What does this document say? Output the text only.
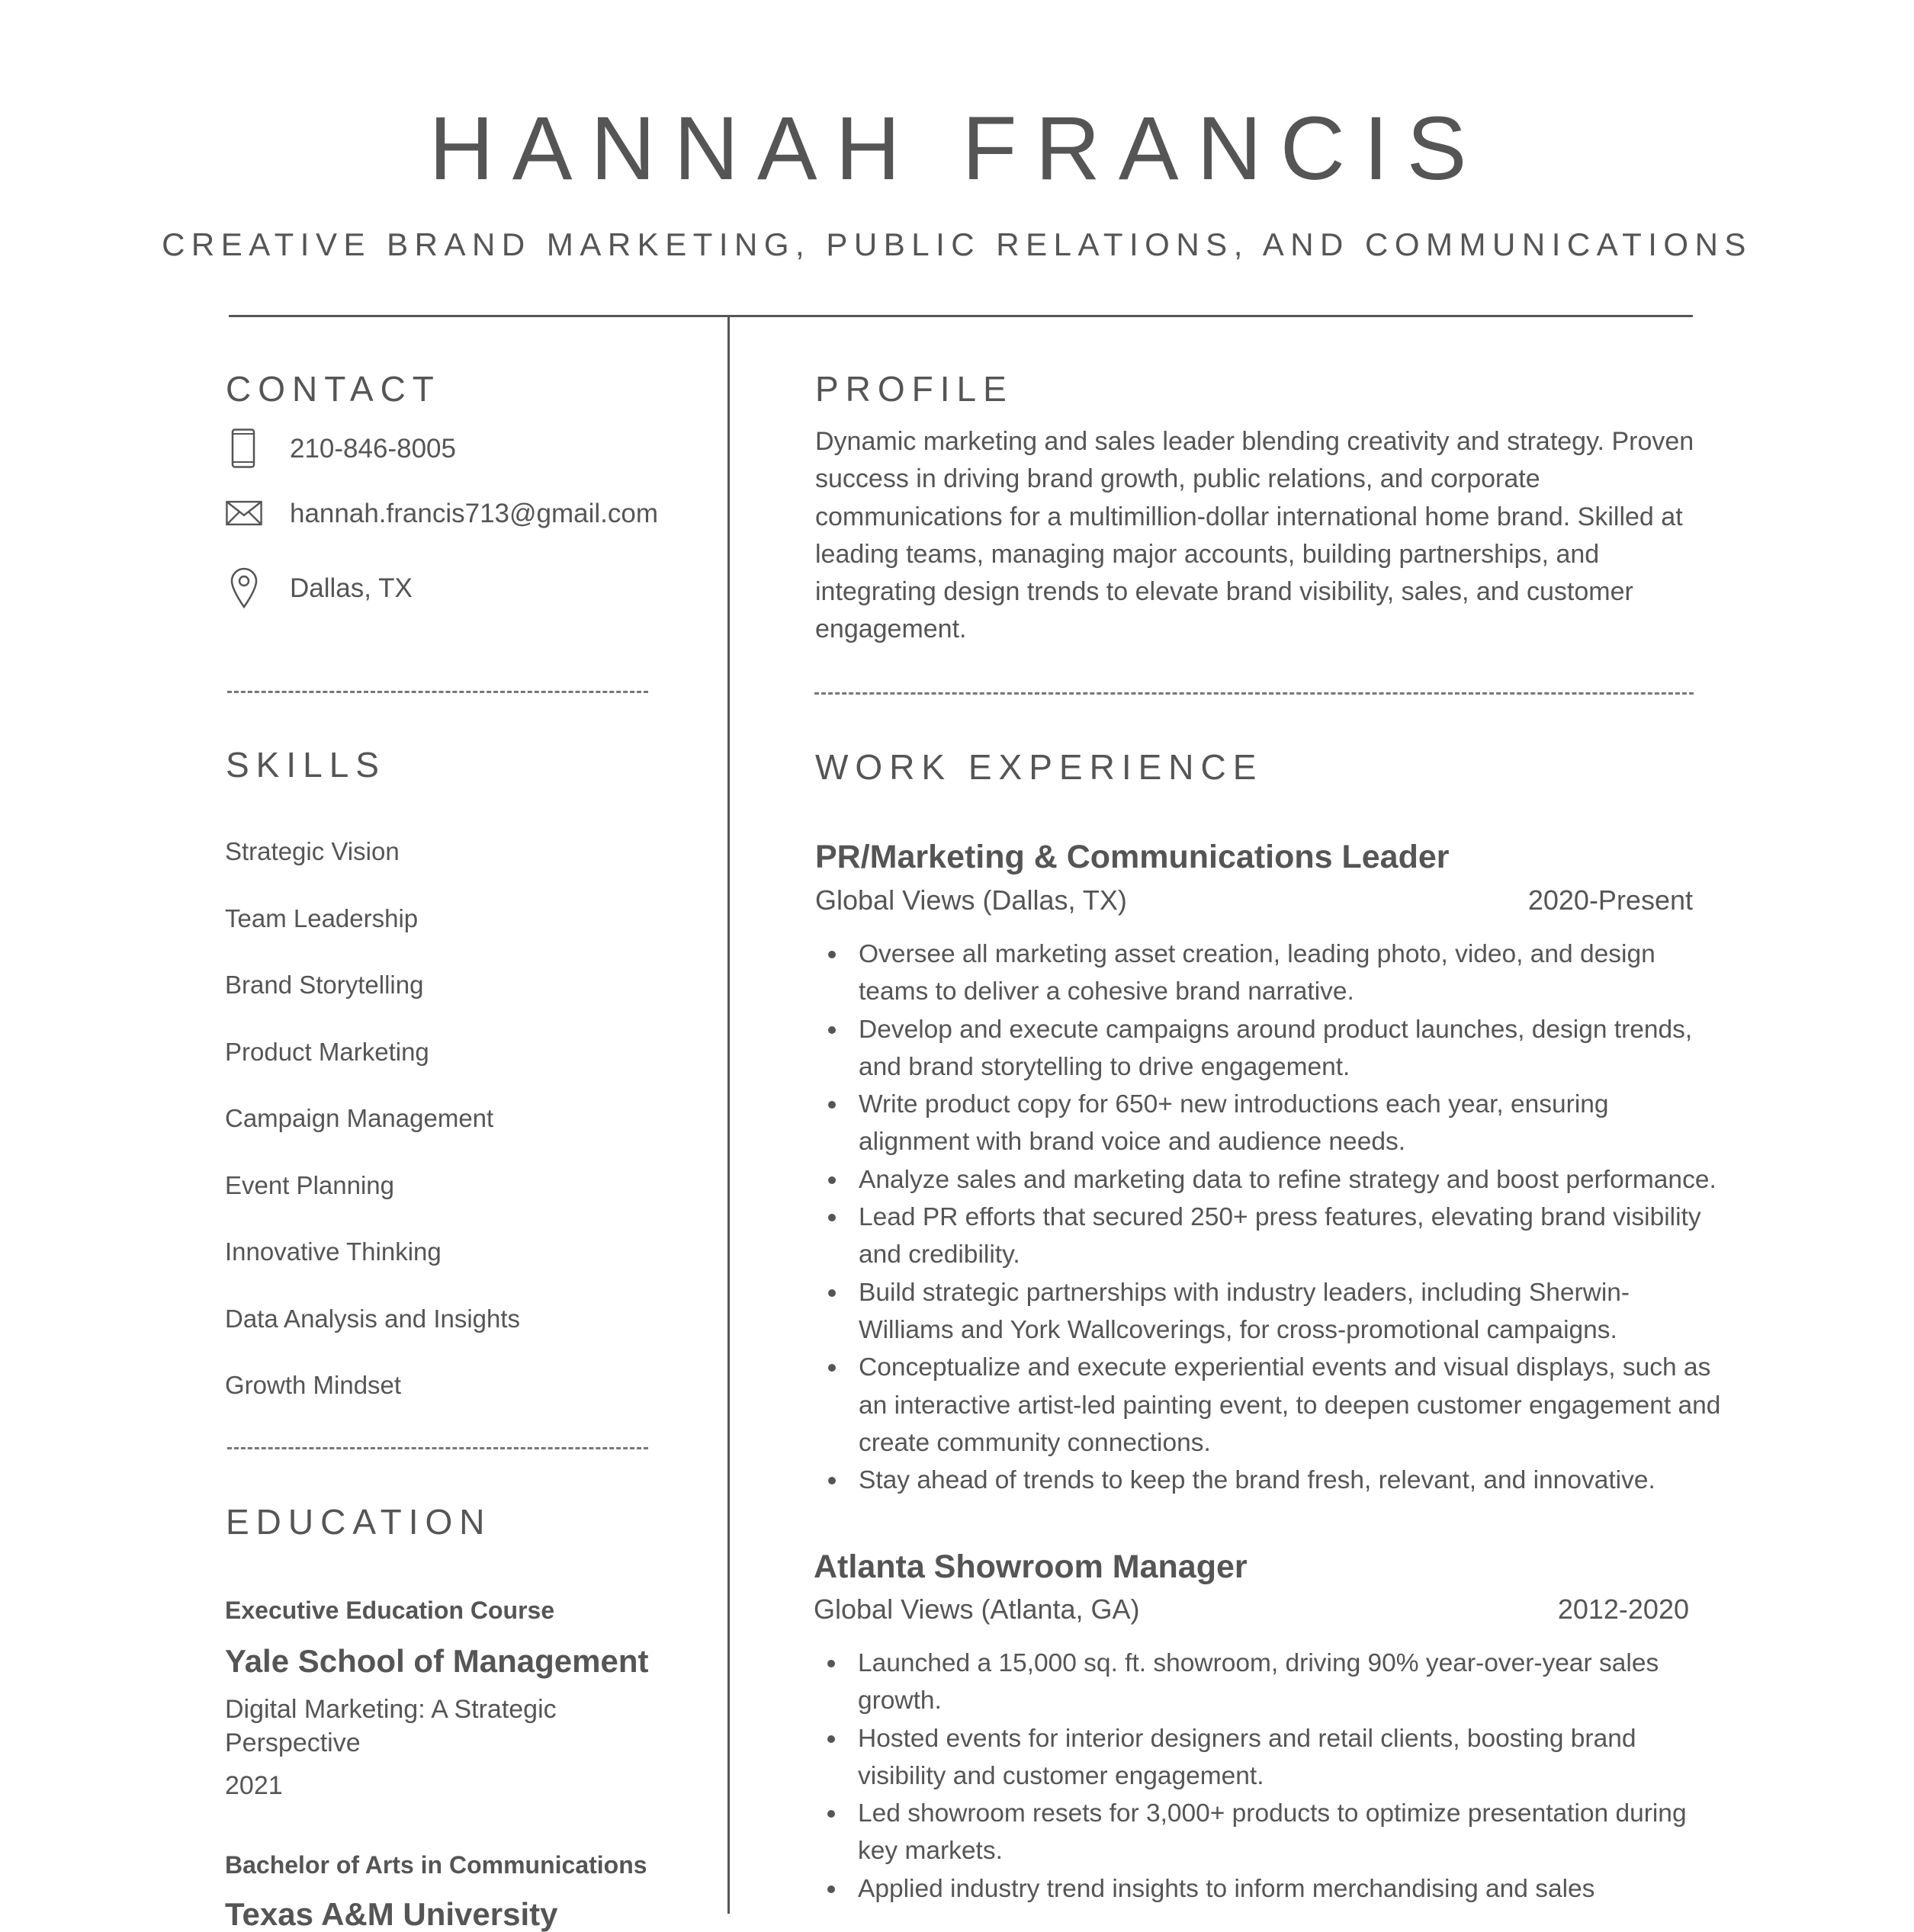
HANNAH FRANCIS
CREATIVE BRAND MARKETING, PUBLIC RELATIONS, AND COMMUNICATIONS
CONTACT
210-846-8005
hannah.francis713@gmail.com
Dallas, TX
SKILLS
Strategic Vision
Team Leadership
Brand Storytelling
Product Marketing
Campaign Management
Event Planning
Innovative Thinking
Data Analysis and Insights
Growth Mindset
EDUCATION
Executive Education Course
Yale School of Management
Digital Marketing: A Strategic Perspective
2021
Bachelor of Arts in Communications
Texas A&M University
PROFILE
Dynamic marketing and sales leader blending creativity and strategy. Proven success in driving brand growth, public relations, and corporate communications for a multimillion-dollar international home brand. Skilled at leading teams, managing major accounts, building partnerships, and integrating design trends to elevate brand visibility, sales, and customer engagement.
WORK EXPERIENCE
PR/Marketing & Communications Leader
Global Views (Dallas, TX)	2020-Present
Oversee all marketing asset creation, leading photo, video, and design teams to deliver a cohesive brand narrative.
Develop and execute campaigns around product launches, design trends, and brand storytelling to drive engagement.
Write product copy for 650+ new introductions each year, ensuring alignment with brand voice and audience needs.
Analyze sales and marketing data to refine strategy and boost performance.
Lead PR efforts that secured 250+ press features, elevating brand visibility and credibility.
Build strategic partnerships with industry leaders, including Sherwin-Williams and York Wallcoverings, for cross-promotional campaigns.
Conceptualize and execute experiential events and visual displays, such as an interactive artist-led painting event, to deepen customer engagement and create community connections.
Stay ahead of trends to keep the brand fresh, relevant, and innovative.
Atlanta Showroom Manager
Global Views (Atlanta, GA)	2012-2020
Launched a 15,000 sq. ft. showroom, driving 90% year-over-year sales growth.
Hosted events for interior designers and retail clients, boosting brand visibility and customer engagement.
Led showroom resets for 3,000+ products to optimize presentation during key markets.
Applied industry trend insights to inform merchandising and sales
